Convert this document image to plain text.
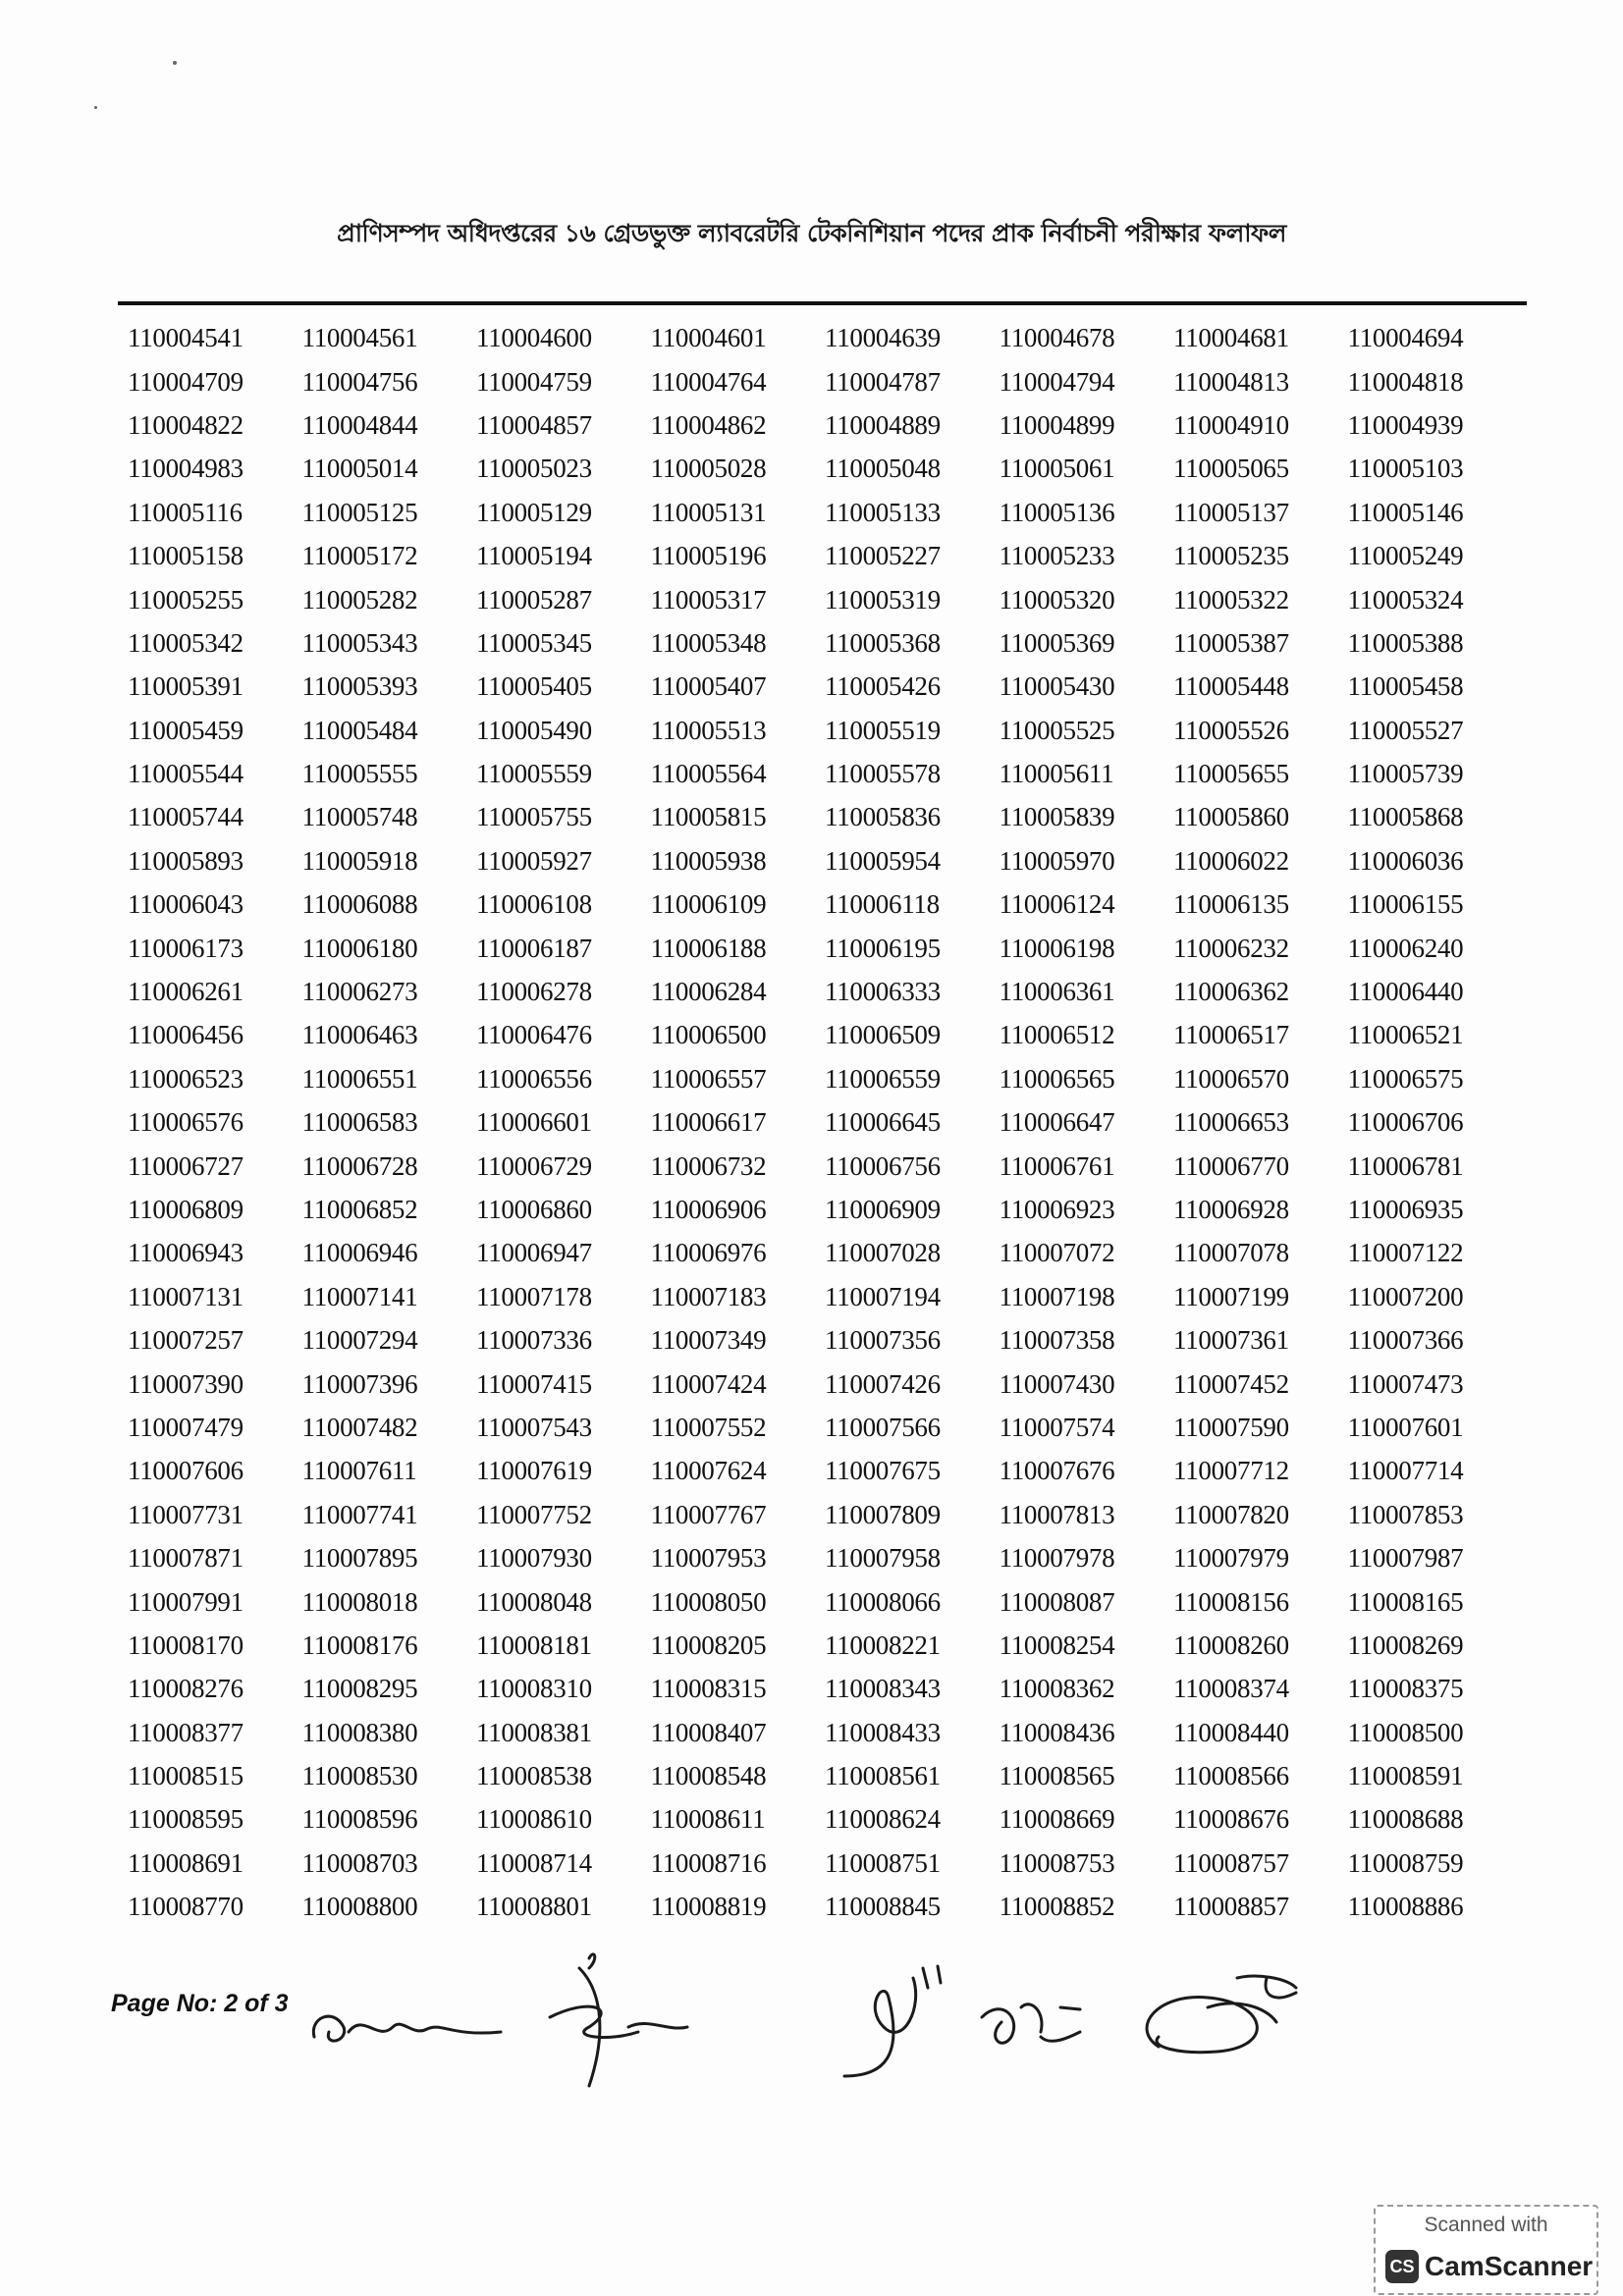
প্রাণিসম্পদ অধিদপ্তরের ১৬ গ্রেডভুক্ত ল্যাবরেটরি টেকনিশিয়ান পদের প্রাক নির্বাচনী পরীক্ষার ফলাফল
110004541	110004561	110004600	110004601	110004639	110004678	110004681	110004694
110004709	110004756	110004759	110004764	110004787	110004794	110004813	110004818
110004822	110004844	110004857	110004862	110004889	110004899	110004910	110004939
110004983	110005014	110005023	110005028	110005048	110005061	110005065	110005103
110005116	110005125	110005129	110005131	110005133	110005136	110005137	110005146
110005158	110005172	110005194	110005196	110005227	110005233	110005235	110005249
110005255	110005282	110005287	110005317	110005319	110005320	110005322	110005324
110005342	110005343	110005345	110005348	110005368	110005369	110005387	110005388
110005391	110005393	110005405	110005407	110005426	110005430	110005448	110005458
110005459	110005484	110005490	110005513	110005519	110005525	110005526	110005527
110005544	110005555	110005559	110005564	110005578	110005611	110005655	110005739
110005744	110005748	110005755	110005815	110005836	110005839	110005860	110005868
110005893	110005918	110005927	110005938	110005954	110005970	110006022	110006036
110006043	110006088	110006108	110006109	110006118	110006124	110006135	110006155
110006173	110006180	110006187	110006188	110006195	110006198	110006232	110006240
110006261	110006273	110006278	110006284	110006333	110006361	110006362	110006440
110006456	110006463	110006476	110006500	110006509	110006512	110006517	110006521
110006523	110006551	110006556	110006557	110006559	110006565	110006570	110006575
110006576	110006583	110006601	110006617	110006645	110006647	110006653	110006706
110006727	110006728	110006729	110006732	110006756	110006761	110006770	110006781
110006809	110006852	110006860	110006906	110006909	110006923	110006928	110006935
110006943	110006946	110006947	110006976	110007028	110007072	110007078	110007122
110007131	110007141	110007178	110007183	110007194	110007198	110007199	110007200
110007257	110007294	110007336	110007349	110007356	110007358	110007361	110007366
110007390	110007396	110007415	110007424	110007426	110007430	110007452	110007473
110007479	110007482	110007543	110007552	110007566	110007574	110007590	110007601
110007606	110007611	110007619	110007624	110007675	110007676	110007712	110007714
110007731	110007741	110007752	110007767	110007809	110007813	110007820	110007853
110007871	110007895	110007930	110007953	110007958	110007978	110007979	110007987
110007991	110008018	110008048	110008050	110008066	110008087	110008156	110008165
110008170	110008176	110008181	110008205	110008221	110008254	110008260	110008269
110008276	110008295	110008310	110008315	110008343	110008362	110008374	110008375
110008377	110008380	110008381	110008407	110008433	110008436	110008440	110008500
110008515	110008530	110008538	110008548	110008561	110008565	110008566	110008591
110008595	110008596	110008610	110008611	110008624	110008669	110008676	110008688
110008691	110008703	110008714	110008716	110008751	110008753	110008757	110008759
110008770	110008800	110008801	110008819	110008845	110008852	110008857	110008886
Page No: 2 of 3
Scanned with
CS CamScanner
